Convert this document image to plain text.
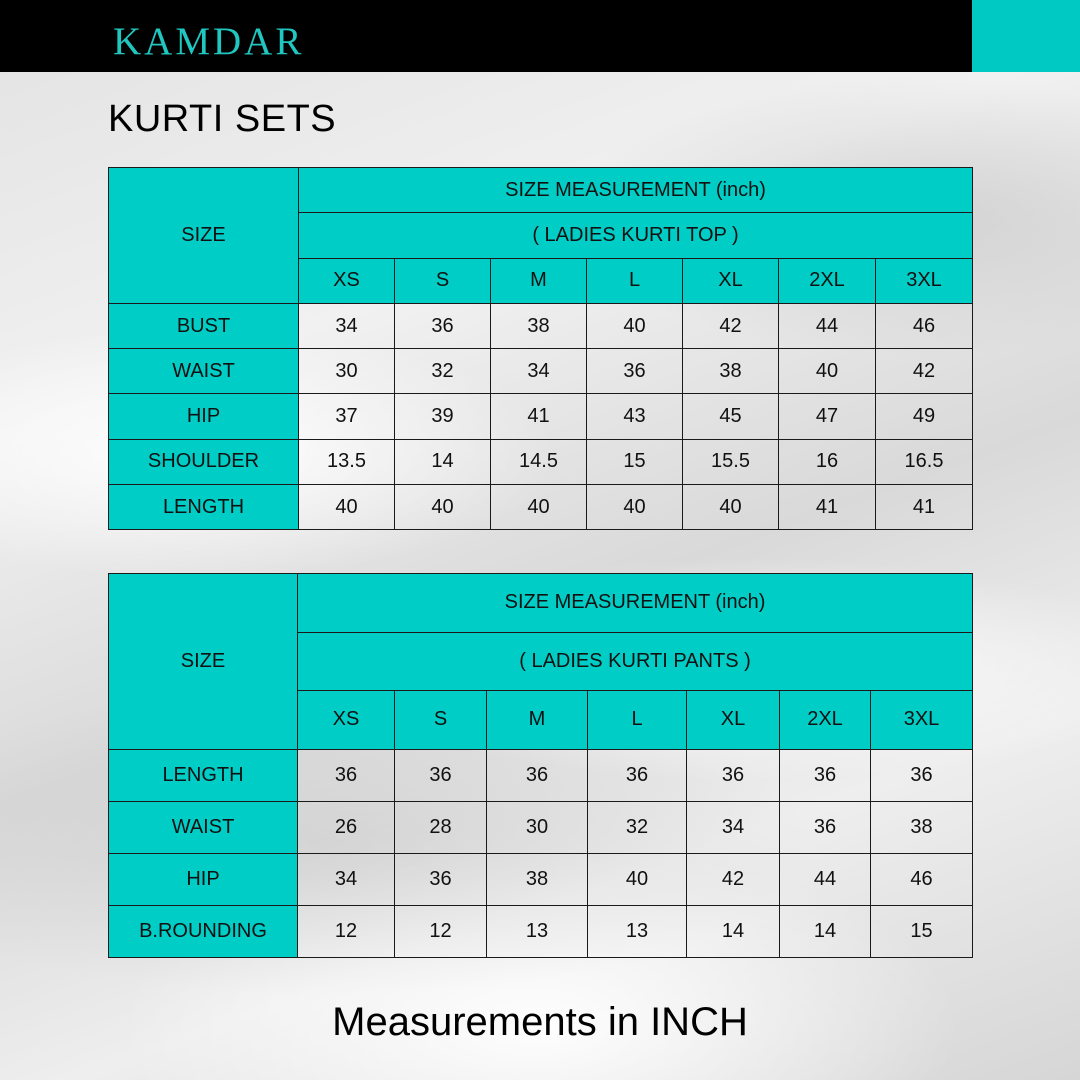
kamdar
KURTI SETS
SIZE	SIZE MEASUREMENT (inch)						
	( LADIES KURTI TOP )						
	XS	S	M	L	XL	2XL	3XL
BUST	34	36	38	40	42	44	46
WAIST	30	32	34	36	38	40	42
HIP	37	39	41	43	45	47	49
SHOULDER	13.5	14	14.5	15	15.5	16	16.5
LENGTH	40	40	40	40	40	41	41
SIZE	SIZE MEASUREMENT (inch)						
	( LADIES KURTI PANTS )						
	XS	S	M	L	XL	2XL	3XL
LENGTH	36	36	36	36	36	36	36
WAIST	26	28	30	32	34	36	38
HIP	34	36	38	40	42	44	46
B.ROUNDING	12	12	13	13	14	14	15
Measurements in INCH
